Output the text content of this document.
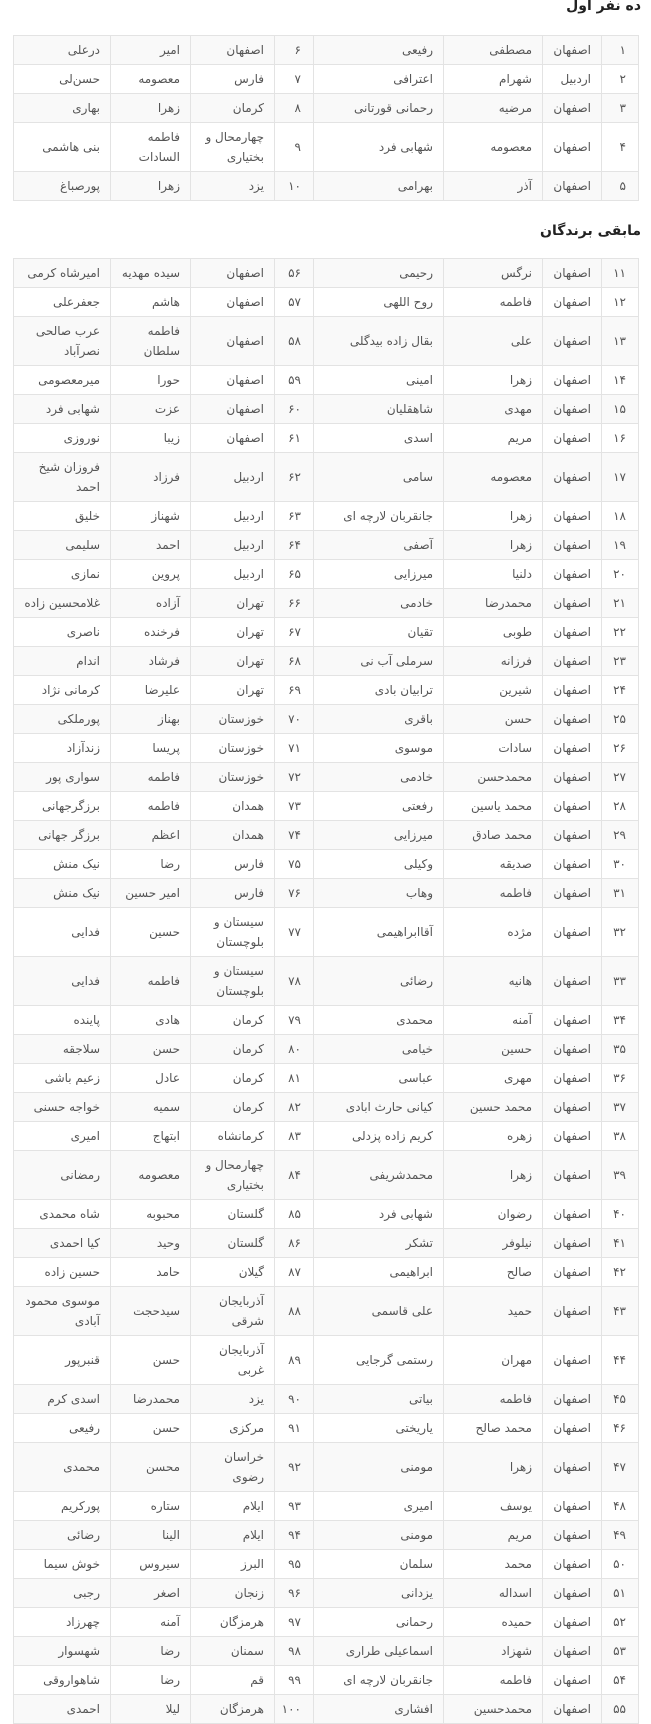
ده نفر اول
۱	اصفهان	مصطفی	رفیعی	۶	اصفهان	امیر	درعلی
۲	اردبیل	شهرام	اعترافی	۷	فارس	معصومه	حسن‌لی
۳	اصفهان	مرضیه	رحمانی قورتانی	۸	کرمان	زهرا	بهاری
۴	اصفهان	معصومه	شهابی فرد	۹	چهارمحال و بختیاری	فاطمه السادات	بنی هاشمی
۵	اصفهان	آذر	بهرامی	۱۰	یزد	زهرا	پورصباغ
مابقی برندگان
۱۱	اصفهان	نرگس	رحیمی	۵۶	اصفهان	سیده مهدیه	امیرشاه کرمی
۱۲	اصفهان	فاطمه	روح اللهی	۵۷	اصفهان	هاشم	جعفرعلی
۱۳	اصفهان	علی	بقال زاده بیدگلی	۵۸	اصفهان	فاطمه سلطان	عرب صالحی نصرآباد
۱۴	اصفهان	زهرا	امینی	۵۹	اصفهان	حورا	میرمعصومی
۱۵	اصفهان	مهدی	شاهقلیان	۶۰	اصفهان	عزت	شهابی فرد
۱۶	اصفهان	مریم	اسدی	۶۱	اصفهان	زیبا	نوروزی
۱۷	اصفهان	معصومه	سامی	۶۲	اردبیل	فرزاد	فروزان شیخ احمد
۱۸	اصفهان	زهرا	جانقربان لارچه ای	۶۳	اردبیل	شهناز	خلیق
۱۹	اصفهان	زهرا	آصفی	۶۴	اردبیل	احمد	سلیمی
۲۰	اصفهان	دلنیا	میرزایی	۶۵	اردبیل	پروین	نمازی
۲۱	اصفهان	محمدرضا	خادمی	۶۶	تهران	آزاده	غلامحسین زاده
۲۲	اصفهان	طوبی	تقیان	۶۷	تهران	فرخنده	ناصری
۲۳	اصفهان	فرزانه	سرملی آب نی	۶۸	تهران	فرشاد	اندام
۲۴	اصفهان	شیرین	ترابیان بادی	۶۹	تهران	علیرضا	کرمانی نژاد
۲۵	اصفهان	حسن	باقری	۷۰	خوزستان	بهناز	پورملکی
۲۶	اصفهان	سادات	موسوی	۷۱	خوزستان	پریسا	زندآزاد
۲۷	اصفهان	محمدحسن	خادمی	۷۲	خوزستان	فاطمه	سواری پور
۲۸	اصفهان	محمد یاسین	رفعتی	۷۳	همدان	فاطمه	برزگرجهانی
۲۹	اصفهان	محمد صادق	میرزایی	۷۴	همدان	اعظم	برزگر جهانی
۳۰	اصفهان	صدیقه	وکیلی	۷۵	فارس	رضا	نیک منش
۳۱	اصفهان	فاطمه	وهاب	۷۶	فارس	امیر حسین	نیک منش
۳۲	اصفهان	مژده	آقاابراهیمی	۷۷	سیستان و بلوچستان	حسین	فدایی
۳۳	اصفهان	هانیه	رضائی	۷۸	سیستان و بلوچستان	فاطمه	فدایی
۳۴	اصفهان	آمنه	محمدی	۷۹	کرمان	هادی	پاینده
۳۵	اصفهان	حسین	خیامی	۸۰	کرمان	حسن	سلاجقه
۳۶	اصفهان	مهری	عباسی	۸۱	کرمان	عادل	زعیم باشی
۳۷	اصفهان	محمد حسین	کیانی حارث ابادی	۸۲	کرمان	سمیه	خواجه حسنی
۳۸	اصفهان	زهره	کریم زاده پزدلی	۸۳	کرمانشاه	ابتهاج	امیری
۳۹	اصفهان	زهرا	محمدشریفی	۸۴	چهارمحال و بختیاری	معصومه	رمضانی
۴۰	اصفهان	رضوان	شهابی فرد	۸۵	گلستان	محبوبه	شاه محمدی
۴۱	اصفهان	نیلوفر	تشکر	۸۶	گلستان	وحید	کیا احمدی
۴۲	اصفهان	صالح	ابراهیمی	۸۷	گیلان	حامد	حسین زاده
۴۳	اصفهان	حمید	علی قاسمی	۸۸	آذربایجان شرقی	سیدحجت	موسوی محمود آبادی
۴۴	اصفهان	مهران	رستمی گرجایی	۸۹	آذربایجان غربی	حسن	قنبرپور
۴۵	اصفهان	فاطمه	بیاتی	۹۰	یزد	محمدرضا	اسدی کرم
۴۶	اصفهان	محمد صالح	یاریختی	۹۱	مرکزی	حسن	رفیعی
۴۷	اصفهان	زهرا	مومنی	۹۲	خراسان رضوی	محسن	محمدی
۴۸	اصفهان	یوسف	امیری	۹۳	ایلام	ستاره	پورکریم
۴۹	اصفهان	مریم	مومنی	۹۴	ایلام	الینا	رضائی
۵۰	اصفهان	محمد	سلمان	۹۵	البرز	سیروس	خوش سیما
۵۱	اصفهان	اسداله	یزدانی	۹۶	زنجان	اصغر	رجبی
۵۲	اصفهان	حمیده	رحمانی	۹۷	هرمزگان	آمنه	چهرزاد
۵۳	اصفهان	شهزاد	اسماعیلی طراری	۹۸	سمنان	رضا	شهسوار
۵۴	اصفهان	فاطمه	جانقربان لارچه ای	۹۹	قم	رضا	شاهواروقی
۵۵	اصفهان	محمدحسین	افشاری	۱۰۰	هرمزگان	لیلا	احمدی
